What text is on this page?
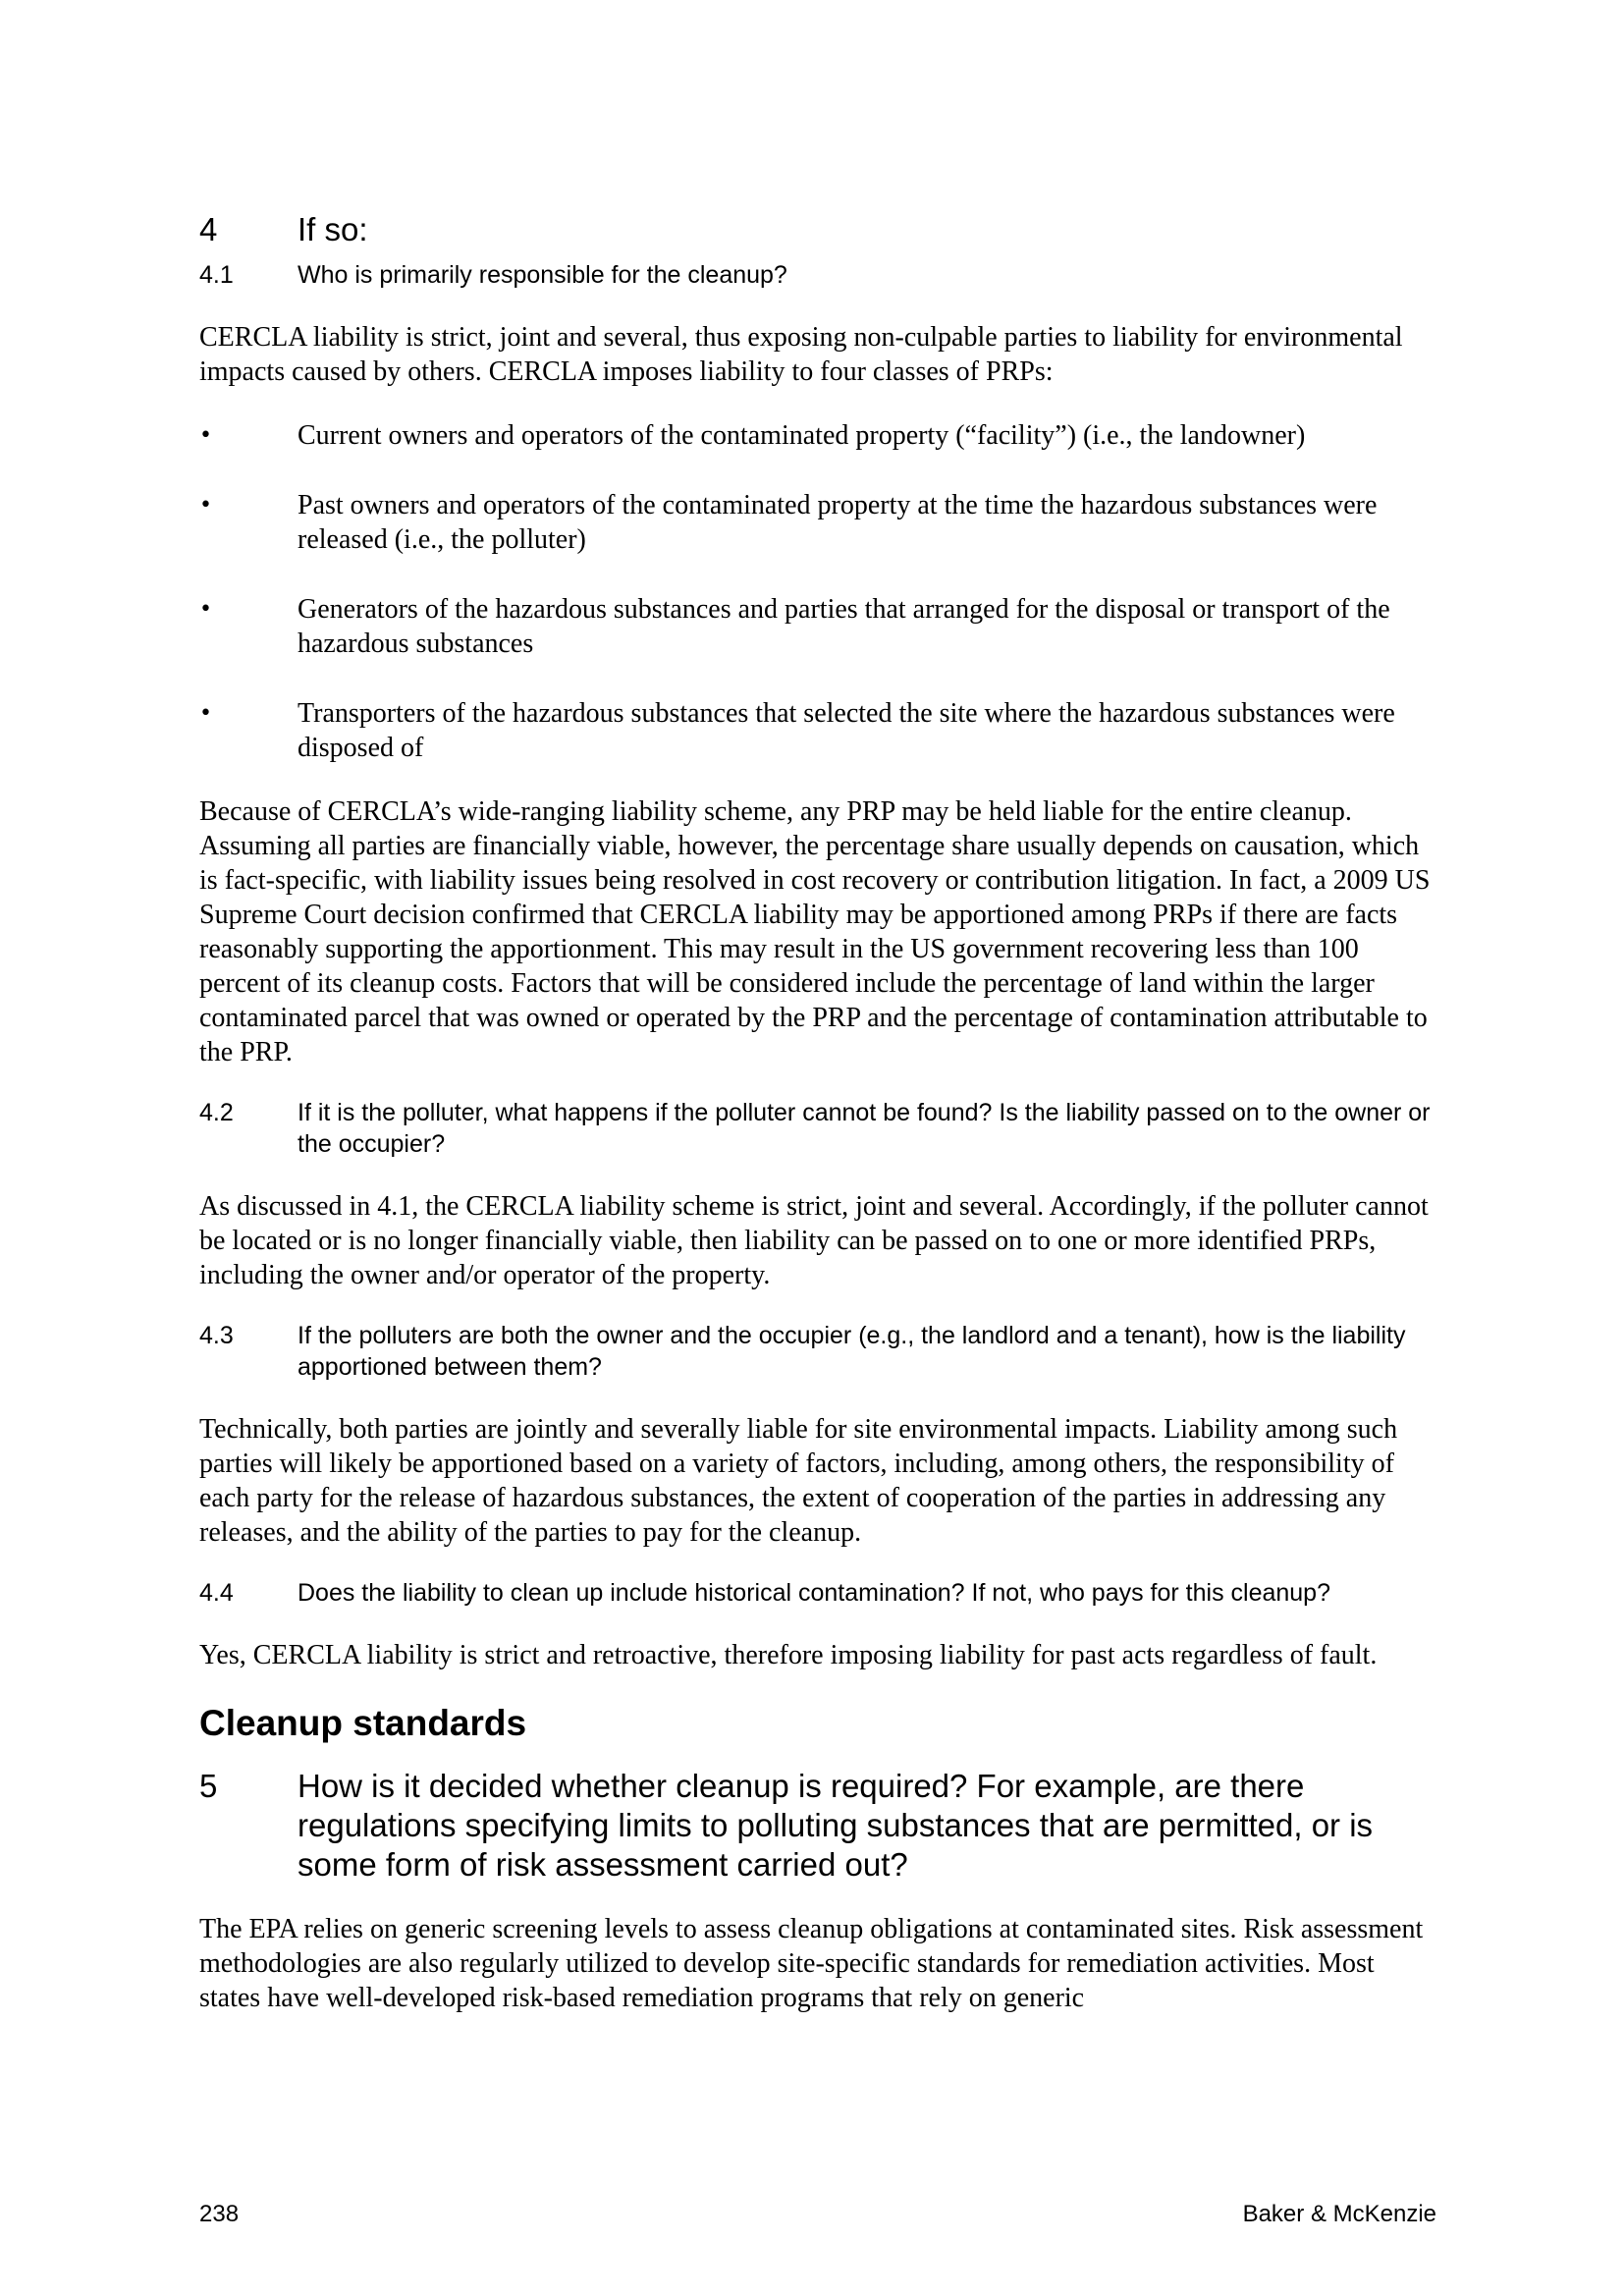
4	If so:
4.1	Who is primarily responsible for the cleanup?

CERCLA liability is strict, joint and several, thus exposing non-culpable parties to liability for environmental impacts caused by others. CERCLA imposes liability to four classes of PRPs:

•	Current owners and operators of the contaminated property (“facility”) (i.e., the landowner)
•	Past owners and operators of the contaminated property at the time the hazardous substances were released (i.e., the polluter)
•	Generators of the hazardous substances and parties that arranged for the disposal or transport of the hazardous substances
•	Transporters of the hazardous substances that selected the site where the hazardous substances were disposed of

Because of CERCLA’s wide-ranging liability scheme, any PRP may be held liable for the entire cleanup. Assuming all parties are financially viable, however, the percentage share usually depends on causation, which is fact-specific, with liability issues being resolved in cost recovery or contribution litigation. In fact, a 2009 US Supreme Court decision confirmed that CERCLA liability may be apportioned among PRPs if there are facts reasonably supporting the apportionment. This may result in the US government recovering less than 100 percent of its cleanup costs. Factors that will be considered include the percentage of land within the larger contaminated parcel that was owned or operated by the PRP and the percentage of contamination attributable to the PRP.

4.2	If it is the polluter, what happens if the polluter cannot be found? Is the liability passed on to the owner or the occupier?

As discussed in 4.1, the CERCLA liability scheme is strict, joint and several. Accordingly, if the polluter cannot be located or is no longer financially viable, then liability can be passed on to one or more identified PRPs, including the owner and/or operator of the property.

4.3	If the polluters are both the owner and the occupier (e.g., the landlord and a tenant), how is the liability apportioned between them?

Technically, both parties are jointly and severally liable for site environmental impacts. Liability among such parties will likely be apportioned based on a variety of factors, including, among others, the responsibility of each party for the release of hazardous substances, the extent of cooperation of the parties in addressing any releases, and the ability of the parties to pay for the cleanup.

4.4	Does the liability to clean up include historical contamination? If not, who pays for this cleanup?

Yes, CERCLA liability is strict and retroactive, therefore imposing liability for past acts regardless of fault.

Cleanup standards
5	How is it decided whether cleanup is required? For example, are there regulations specifying limits to polluting substances that are permitted, or is some form of risk assessment carried out?

The EPA relies on generic screening levels to assess cleanup obligations at contaminated sites. Risk assessment methodologies are also regularly utilized to develop site-specific standards for remediation activities. Most states have well-developed risk-based remediation programs that rely on generic

238	Baker & McKenzie
